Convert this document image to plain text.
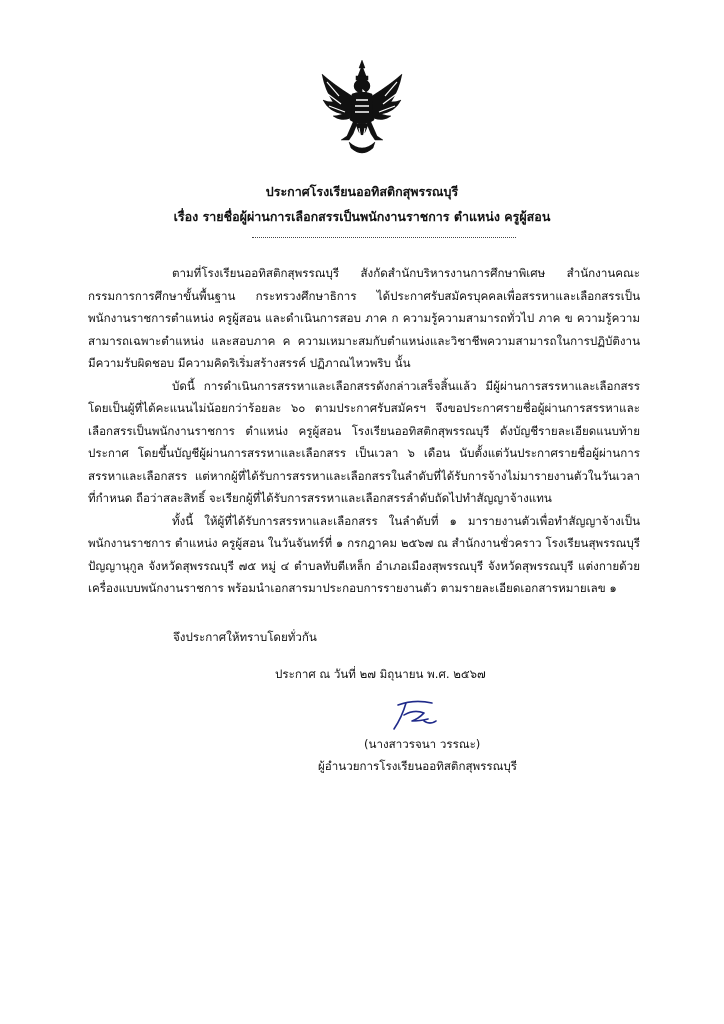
ประกาศโรงเรียนออทิสติกสุพรรณบุรี
เรื่อง รายชื่อผู้ผ่านการเลือกสรรเป็นพนักงานราชการ ตำแหน่ง ครูผู้สอน

ตามที่โรงเรียนออทิสติกสุพรรณบุรี สังกัดสำนักบริหารงานการศึกษาพิเศษ สำนักงานคณะกรรมการการศึกษาขั้นพื้นฐาน กระทรวงศึกษาธิการ ได้ประกาศรับสมัครบุคคลเพื่อสรรหาและเลือกสรรเป็นพนักงานราชการตำแหน่ง ครูผู้สอน และดำเนินการสอบ ภาค ก ความรู้ความสามารถทั่วไป ภาค ข ความรู้ความสามารถเฉพาะตำแหน่ง และสอบภาค ค ความเหมาะสมกับตำแหน่งและวิชาชีพความสามารถในการปฏิบัติงาน มีความรับผิดชอบ มีความคิดริเริ่มสร้างสรรค์ ปฏิภาณไหวพริบ นั้น

บัดนี้ การดำเนินการสรรหาและเลือกสรรดังกล่าวเสร็จสิ้นแล้ว มีผู้ผ่านการสรรหาและเลือกสรร โดยเป็นผู้ที่ได้คะแนนไม่น้อยกว่าร้อยละ ๖๐ ตามประกาศรับสมัครฯ จึงขอประกาศรายชื่อผู้ผ่านการสรรหาและเลือกสรรเป็นพนักงานราชการ ตำแหน่ง ครูผู้สอน โรงเรียนออทิสติกสุพรรณบุรี ดังบัญชีรายละเอียดแนบท้ายประกาศ โดยขึ้นบัญชีผู้ผ่านการสรรหาและเลือกสรร เป็นเวลา ๖ เดือน นับตั้งแต่วันประกาศรายชื่อผู้ผ่านการสรรหาและเลือกสรร แต่หากผู้ที่ได้รับการสรรหาและเลือกสรรในลำดับที่ได้รับการจ้างไม่มารายงานตัวในวันเวลาที่กำหนด ถือว่าสละสิทธิ์ จะเรียกผู้ที่ได้รับการสรรหาและเลือกสรรลำดับถัดไปทำสัญญาจ้างแทน

ทั้งนี้ ให้ผู้ที่ได้รับการสรรหาและเลือกสรร ในลำดับที่ ๑ มารายงานตัวเพื่อทำสัญญาจ้างเป็นพนักงานราชการ ตำแหน่ง ครูผู้สอน ในวันจันทร์ที่ ๑ กรกฎาคม ๒๕๖๗ ณ สำนักงานชั่วคราว โรงเรียนสุพรรณบุรีปัญญานุกูล จังหวัดสุพรรณบุรี ๗๕ หมู่ ๔ ตำบลทับตีเหล็ก อำเภอเมืองสุพรรณบุรี จังหวัดสุพรรณบุรี แต่งกายด้วยเครื่องแบบพนักงานราชการ พร้อมนำเอกสารมาประกอบการรายงานตัว ตามรายละเอียดเอกสารหมายเลข ๑

จึงประกาศให้ทราบโดยทั่วกัน
ประกาศ ณ วันที่ ๒๗ มิถุนายน พ.ศ. ๒๕๖๗
(นางสาวรจนา วรรณะ)
ผู้อำนวยการโรงเรียนออทิสติกสุพรรณบุรี
